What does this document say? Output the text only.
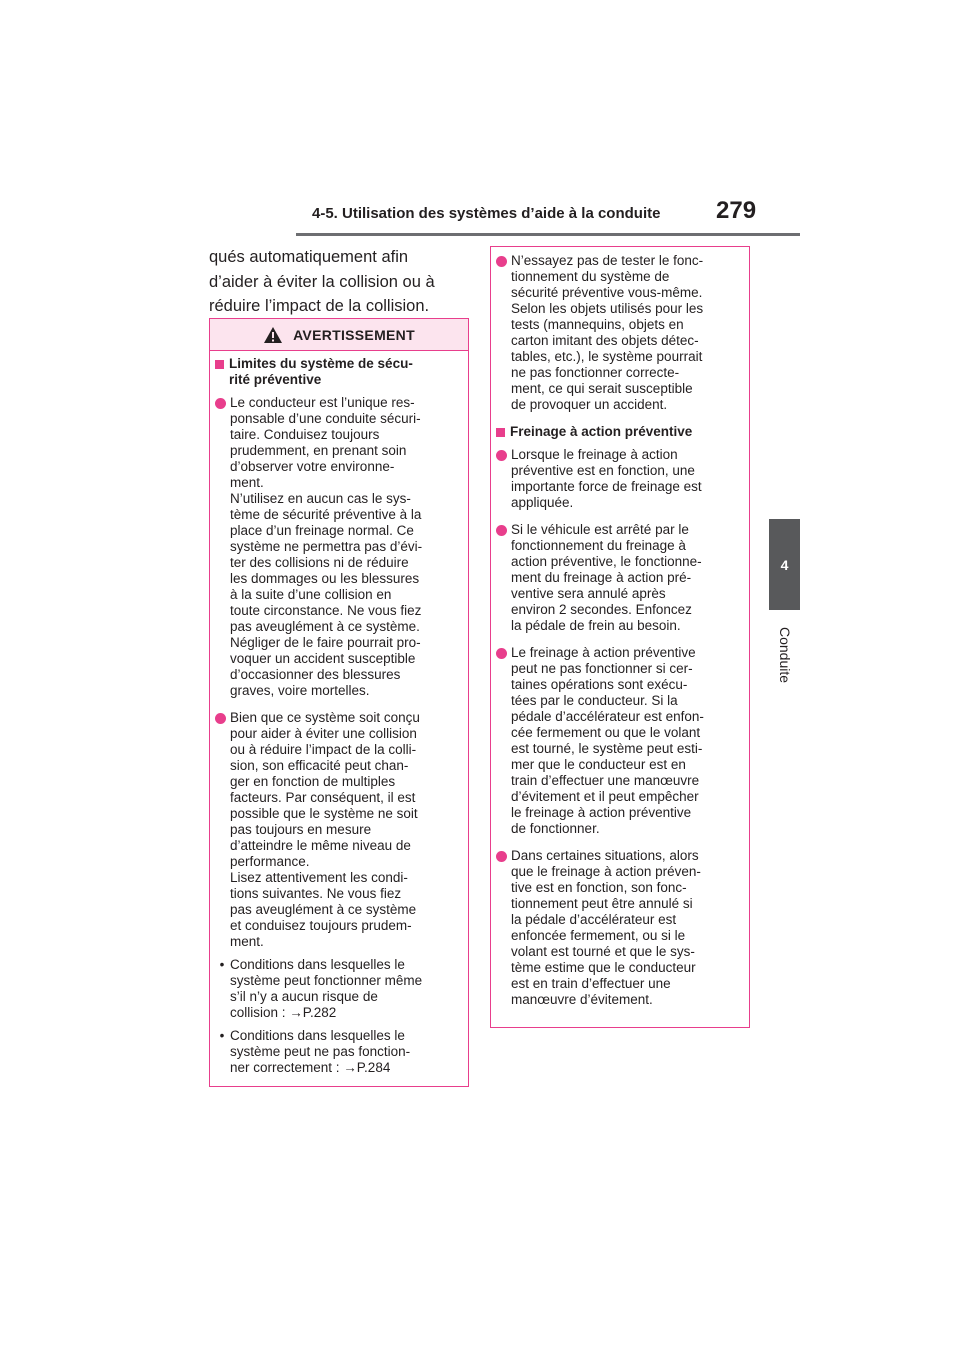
4-5. Utilisation des systèmes d’aide à la conduite 279
4
Conduite
qués automatiquement afin
d’aider à éviter la collision ou à
réduire l’impact de la collision.
AVERTISSEMENT
Limites du système de sécu-
rité préventive
Le conducteur est l’unique res-
ponsable d’une conduite sécuri-
taire. Conduisez toujours
prudemment, en prenant soin
d’observer votre environne-
ment.
N’utilisez en aucun cas le sys-
tème de sécurité préventive à la
place d’un freinage normal. Ce
système ne permettra pas d’évi-
ter des collisions ni de réduire
les dommages ou les blessures
à la suite d’une collision en
toute circonstance. Ne vous fiez
pas aveuglément à ce système.
Négliger de le faire pourrait pro-
voquer un accident susceptible
d’occasionner des blessures
graves, voire mortelles.
Bien que ce système soit conçu
pour aider à éviter une collision
ou à réduire l’impact de la colli-
sion, son efficacité peut chan-
ger en fonction de multiples
facteurs. Par conséquent, il est
possible que le système ne soit
pas toujours en mesure
d’atteindre le même niveau de
performance.
Lisez attentivement les condi-
tions suivantes. Ne vous fiez
pas aveuglément à ce système
et conduisez toujours prudem-
ment.
• Conditions dans lesquelles le
système peut fonctionner même
s’il n’y a aucun risque de
collision : →P.282
• Conditions dans lesquelles le
système peut ne pas fonction-
ner correctement : →P.284
N’essayez pas de tester le fonc-
tionnement du système de
sécurité préventive vous-même.
Selon les objets utilisés pour les
tests (mannequins, objets en
carton imitant des objets détec-
tables, etc.), le système pourrait
ne pas fonctionner correcte-
ment, ce qui serait susceptible
de provoquer un accident.
Freinage à action préventive
Lorsque le freinage à action
préventive est en fonction, une
importante force de freinage est
appliquée.
Si le véhicule est arrêté par le
fonctionnement du freinage à
action préventive, le fonctionne-
ment du freinage à action pré-
ventive sera annulé après
environ 2 secondes. Enfoncez
la pédale de frein au besoin.
Le freinage à action préventive
peut ne pas fonctionner si cer-
taines opérations sont exécu-
tées par le conducteur. Si la
pédale d’accélérateur est enfon-
cée fermement ou que le volant
est tourné, le système peut esti-
mer que le conducteur est en
train d’effectuer une manœuvre
d’évitement et il peut empêcher
le freinage à action préventive
de fonctionner.
Dans certaines situations, alors
que le freinage à action préven-
tive est en fonction, son fonc-
tionnement peut être annulé si
la pédale d’accélérateur est
enfoncée fermement, ou si le
volant est tourné et que le sys-
tème estime que le conducteur
est en train d’effectuer une
manœuvre d’évitement.
